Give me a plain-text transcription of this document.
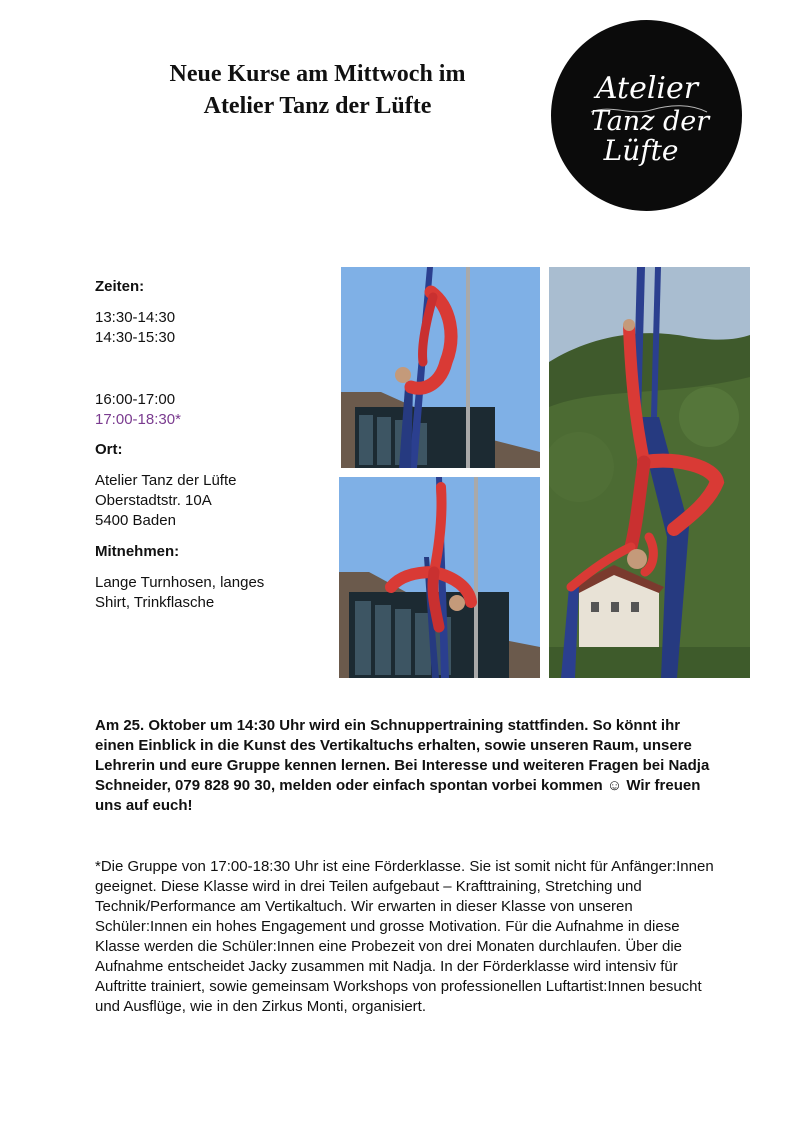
Neue Kurse am Mittwoch im
Atelier Tanz der Lüfte	Atelier
Tanz der
Lüfte
Zeiten:
13:30-14:30
14:30-15:30
16:00-17:00
17:00-18:30*
Ort:
Atelier Tanz der Lüfte
Oberstadtstr. 10A
5400 Baden
Mitnehmen:
Lange Turnhosen, langes
Shirt, Trinkflasche

Am 25. Oktober um 14:30 Uhr wird ein Schnuppertraining stattfinden. So könnt ihr einen Einblick in die Kunst des Vertikaltuchs erhalten, sowie unseren Raum, unsere Lehrerin und eure Gruppe kennen lernen. Bei Interesse und weiteren Fragen bei Nadja Schneider, 079 828 90 30, melden oder einfach spontan vorbei kommen ☺ Wir freuen uns auf euch!

*Die Gruppe von 17:00-18:30 Uhr ist eine Förderklasse. Sie ist somit nicht für Anfänger:Innen geeignet. Diese Klasse wird in drei Teilen aufgebaut – Krafttraining, Stretching und Technik/Performance am Vertikaltuch. Wir erwarten in dieser Klasse von unseren Schüler:Innen ein hohes Engagement und grosse Motivation. Für die Aufnahme in diese Klasse werden die Schüler:Innen eine Probezeit von drei Monaten durchlaufen. Über die Aufnahme entscheidet Jacky zusammen mit Nadja. In der Förderklasse wird intensiv für Auftritte trainiert, sowie gemeinsam Workshops von professionellen Luftartist:Innen besucht und Ausflüge, wie in den Zirkus Monti, organisiert.
